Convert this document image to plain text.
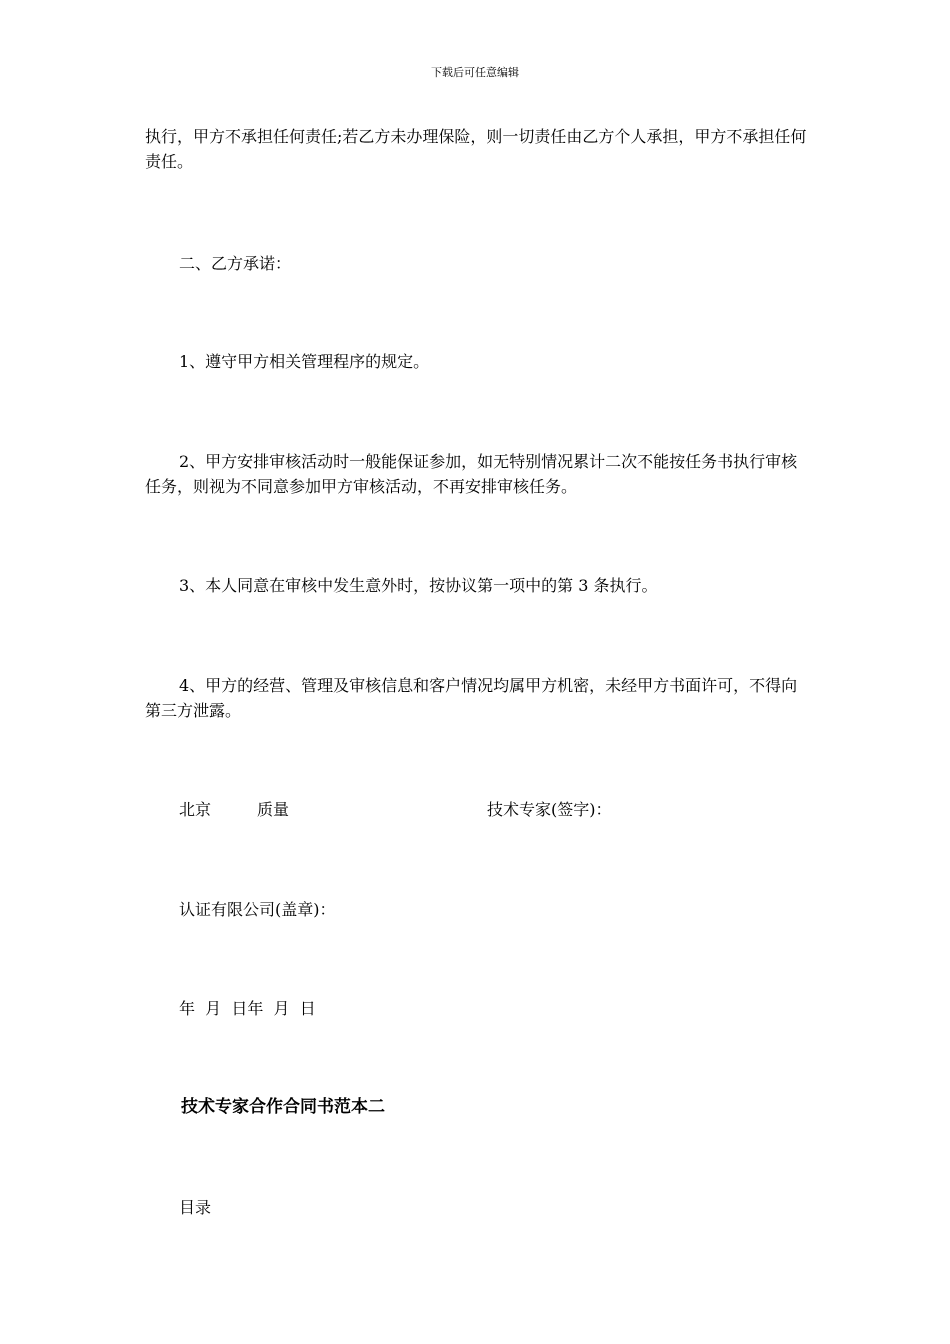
下载后可任意编辑

执行，甲方不承担任何责任;若乙方未办理保险，则一切责任由乙方个人承担，甲方不承担任何责任。

二、乙方承诺：

1、遵守甲方相关管理程序的规定。

2、甲方安排审核活动时一般能保证参加，如无特别情况累计二次不能按任务书执行审核任务，则视为不同意参加甲方审核活动，不再安排审核任务。

3、本人同意在审核中发生意外时，按协议第一项中的第 3 条执行。

4、甲方的经营、管理及审核信息和客户情况均属甲方机密，未经甲方书面许可，不得向第三方泄露。

北京	质量	技术专家(签字)：
认证有限公司(盖章)：
年  月  日年  月  日
技术专家合作合同书范本二
目录
